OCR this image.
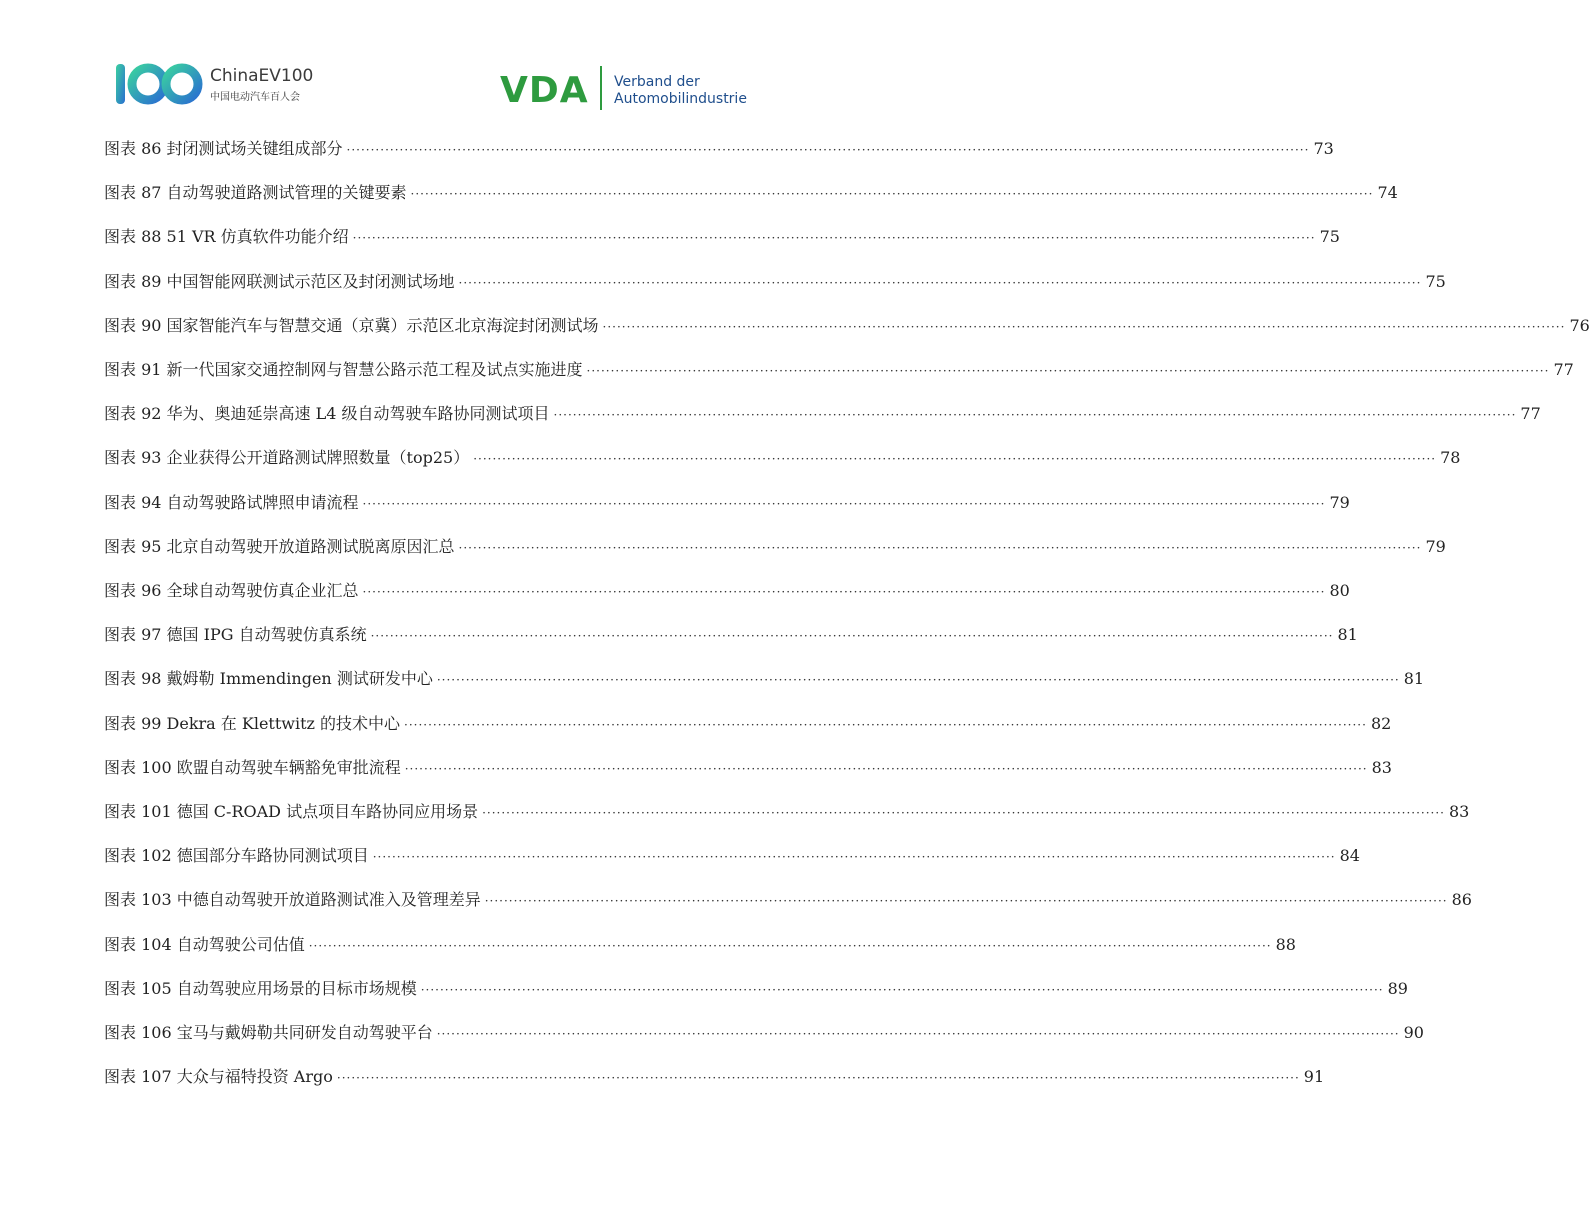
ChinaEV100
中国电动汽车百人会	VDA Verband der
Automobilindustrie
图表 86 封闭测试场关键组成部分 ········································································································································································································ 73
图表 87 自动驾驶道路测试管理的关键要素 ········································································································································································································ 74
图表 88 51 VR 仿真软件功能介绍 ········································································································································································································ 75
图表 89 中国智能网联测试示范区及封闭测试场地 ········································································································································································································ 75
图表 90 国家智能汽车与智慧交通（京冀）示范区北京海淀封闭测试场 ········································································································································································································ 76
图表 91 新一代国家交通控制网与智慧公路示范工程及试点实施进度 ········································································································································································································ 77
图表 92 华为、奥迪延崇高速 L4 级自动驾驶车路协同测试项目 ········································································································································································································ 77
图表 93 企业获得公开道路测试牌照数量（top25） ········································································································································································································ 78
图表 94 自动驾驶路试牌照申请流程 ········································································································································································································ 79
图表 95 北京自动驾驶开放道路测试脱离原因汇总 ········································································································································································································ 79
图表 96 全球自动驾驶仿真企业汇总 ········································································································································································································ 80
图表 97 德国 IPG 自动驾驶仿真系统 ········································································································································································································ 81
图表 98 戴姆勒 Immendingen 测试研发中心 ········································································································································································································ 81
图表 99 Dekra 在 Klettwitz 的技术中心 ········································································································································································································ 82
图表 100 欧盟自动驾驶车辆豁免审批流程 ········································································································································································································ 83
图表 101 德国 C-ROAD 试点项目车路协同应用场景 ········································································································································································································ 83
图表 102 德国部分车路协同测试项目 ········································································································································································································ 84
图表 103 中德自动驾驶开放道路测试准入及管理差异 ········································································································································································································ 86
图表 104 自动驾驶公司估值 ········································································································································································································ 88
图表 105 自动驾驶应用场景的目标市场规模 ········································································································································································································ 89
图表 106 宝马与戴姆勒共同研发自动驾驶平台 ········································································································································································································ 90
图表 107 大众与福特投资 Argo ········································································································································································································ 91
